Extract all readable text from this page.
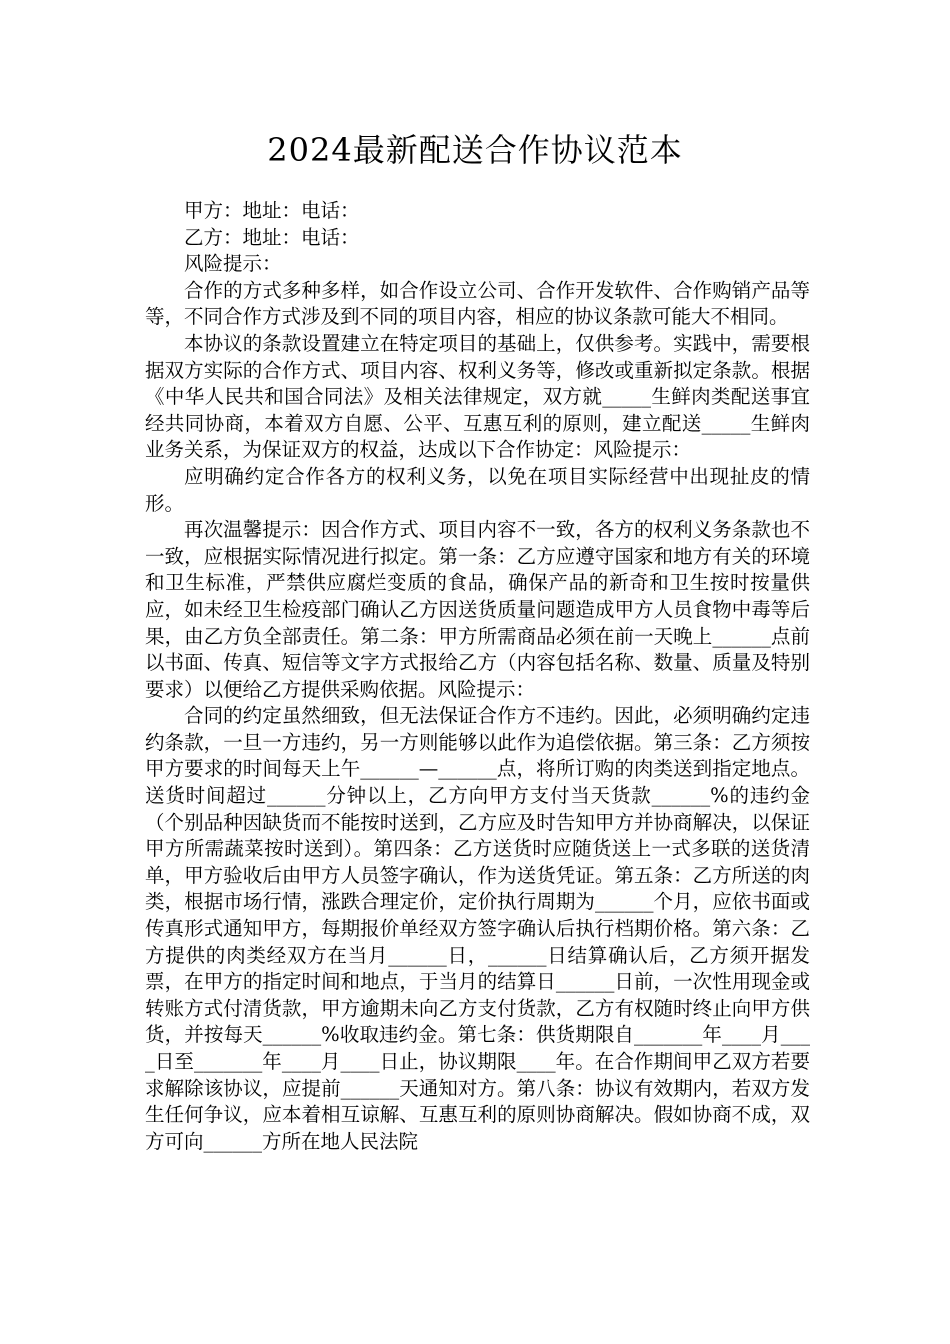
2024最新配送合作协议范本

甲方：地址：电话：

乙方：地址：电话：

风险提示：

合作的方式多种多样，如合作设立公司、合作开发软件、合作购销产品等等，不同合作方式涉及到不同的项目内容，相应的协议条款可能大不相同。

本协议的条款设置建立在特定项目的基础上，仅供参考。实践中，需要根据双方实际的合作方式、项目内容、权利义务等，修改或重新拟定条款。根据《中华人民共和国合同法》及相关法律规定，双方就_____生鲜肉类配送事宜经共同协商，本着双方自愿、公平、互惠互利的原则，建立配送_____生鲜肉业务关系，为保证双方的权益，达成以下合作协定：风险提示：

应明确约定合作各方的权利义务，以免在项目实际经营中出现扯皮的情形。

再次温馨提示：因合作方式、项目内容不一致，各方的权利义务条款也不一致，应根据实际情况进行拟定。第一条：乙方应遵守国家和地方有关的环境和卫生标准，严禁供应腐烂变质的食品，确保产品的新奇和卫生按时按量供应，如未经卫生检疫部门确认乙方因送货质量问题造成甲方人员食物中毒等后果，由乙方负全部责任。第二条：甲方所需商品必须在前一天晚上______点前以书面、传真、短信等文字方式报给乙方（内容包括名称、数量、质量及特别要求）以便给乙方提供采购依据。风险提示：

合同的约定虽然细致，但无法保证合作方不违约。因此，必须明确约定违约条款，一旦一方违约，另一方则能够以此作为追偿依据。第三条：乙方须按甲方要求的时间每天上午______—______点，将所订购的肉类送到指定地点。送货时间超过______分钟以上，乙方向甲方支付当天货款______%的违约金（个别品种因缺货而不能按时送到，乙方应及时告知甲方并协商解决，以保证甲方所需蔬菜按时送到）。第四条：乙方送货时应随货送上一式多联的送货清单，甲方验收后由甲方人员签字确认，作为送货凭证。第五条：乙方所送的肉类，根据市场行情，涨跌合理定价，定价执行周期为______个月，应依书面或传真形式通知甲方，每期报价单经双方签字确认后执行档期价格。第六条：乙方提供的肉类经双方在当月______日，______日结算确认后，乙方须开据发票，在甲方的指定时间和地点，于当月的结算日______日前，一次性用现金或转账方式付清货款，甲方逾期未向乙方支付货款，乙方有权随时终止向甲方供货，并按每天______%收取违约金。第七条：供货期限自_______年____月____日至_______年____月____日止，协议期限____年。在合作期间甲乙双方若要求解除该协议，应提前______天通知对方。第八条：协议有效期内，若双方发生任何争议，应本着相互谅解、互惠互利的原则协商解决。假如协商不成，双方可向______方所在地人民法院
